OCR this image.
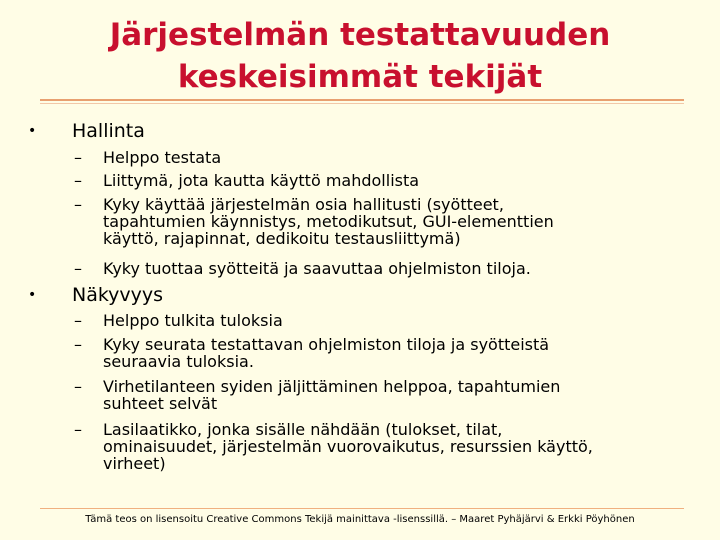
Järjestelmän testattavuuden
keskeisimmät tekijät
• Hallinta
– Helppo testata
– Liittymä, jota kautta käyttö mahdollista
– Kyky käyttää järjestelmän osia hallitusti (syötteet,
tapahtumien käynnistys, metodikutsut, GUI-elementtien
käyttö, rajapinnat, dedikoitu testausliittymä)
– Kyky tuottaa syötteitä ja saavuttaa ohjelmiston tiloja.
• Näkyvyys
– Helppo tulkita tuloksia
– Kyky seurata testattavan ohjelmiston tiloja ja syötteistä
seuraavia tuloksia.
– Virhetilanteen syiden jäljittäminen helppoa, tapahtumien
suhteet selvät
– Lasilaatikko, jonka sisälle nähdään (tulokset, tilat,
ominaisuudet, järjestelmän vuorovaikutus, resurssien käyttö,
virheet)
Tämä teos on lisensoitu Creative Commons Tekijä mainittava -lisenssillä. – Maaret Pyhäjärvi & Erkki Pöyhönen
